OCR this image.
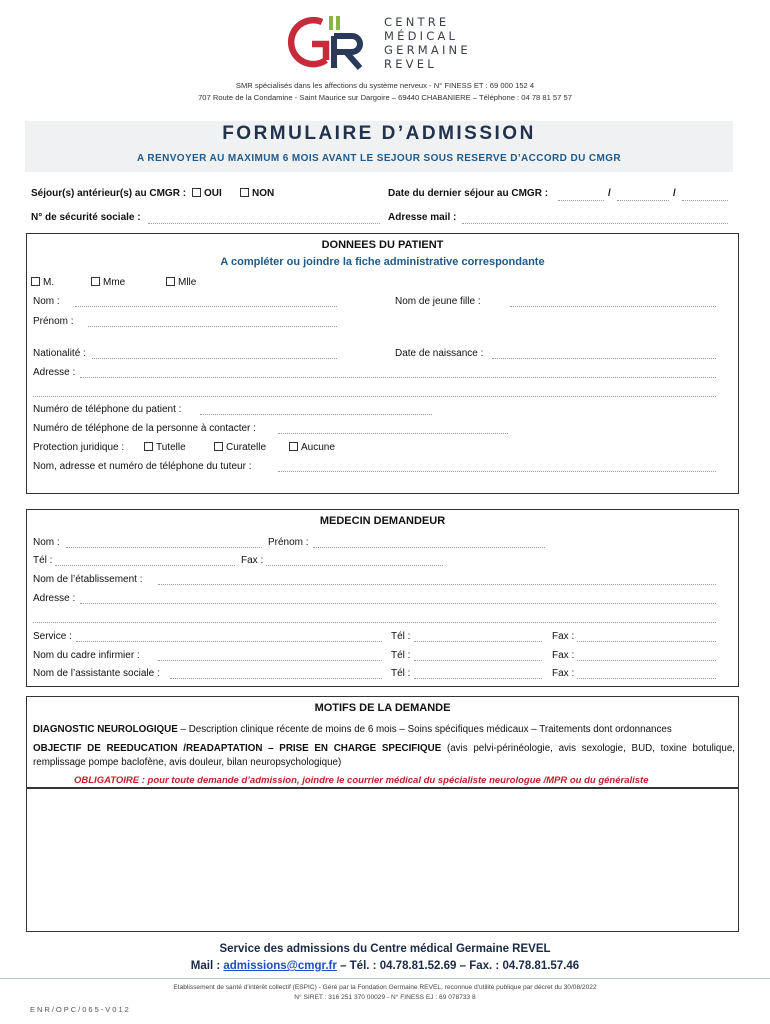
CENTRE
MÉDICAL
GERMAINE
REVEL
SMR spécialisés dans les affections du système nerveux - N° FINESS ET : 69 000 152 4
707 Route de la Condamine - Saint Maurice sur Dargoire – 69440 CHABANIERE – Téléphone : 04 78 81 57 57
FORMULAIRE D’ADMISSION
A RENVOYER AU MAXIMUM 6 MOIS AVANT LE SEJOUR SOUS RESERVE D’ACCORD DU CMGR
Séjour(s) antérieur(s) au CMGR :	OUI	NON	Date du dernier séjour au CMGR :	/	/
N° de sécurité sociale :	Adresse mail :
DONNEES DU PATIENT
A compléter ou joindre la fiche administrative correspondante
M.	Mme	Mlle
Nom :	Nom de jeune fille :
Prénom :
Nationalité :	Date de naissance :
Adresse :
Numéro de téléphone du patient :
Numéro de téléphone de la personne à contacter :
Protection juridique :	Tutelle	Curatelle	Aucune
Nom, adresse et numéro de téléphone du tuteur :
MEDECIN DEMANDEUR
Nom :	Prénom :
Tél :	Fax :
Nom de l’établissement :
Adresse :
Service :	Tél :	Fax :
Nom du cadre infirmier :	Tél :	Fax :
Nom de l’assistante sociale :	Tél :	Fax :
MOTIFS DE LA DEMANDE
DIAGNOSTIC NEUROLOGIQUE – Description clinique récente de moins de 6 mois – Soins spécifiques médicaux – Traitements dont ordonnances
OBJECTIF DE REEDUCATION /READAPTATION – PRISE EN CHARGE SPECIFIQUE (avis pelvi-périnéologie, avis sexologie, BUD, toxine botulique, remplissage pompe baclofène, avis douleur, bilan neuropsychologique)
OBLIGATOIRE : pour toute demande d’admission, joindre le courrier médical du spécialiste neurologue /MPR ou du généraliste
Service des admissions du Centre médical Germaine REVEL
Mail : admissions@cmgr.fr – Tél. : 04.78.81.52.69 – Fax. : 04.78.81.57.46
Etablissement de santé d'intérêt collectif (ESPIC) - Géré par la Fondation Germaine REVEL, reconnue d'utilité publique par décret du 30/08/2022
N° SIRET : 316 251 370 00029 - N° FINESS EJ : 69 078733 8
ENR/OPC/065-V012
